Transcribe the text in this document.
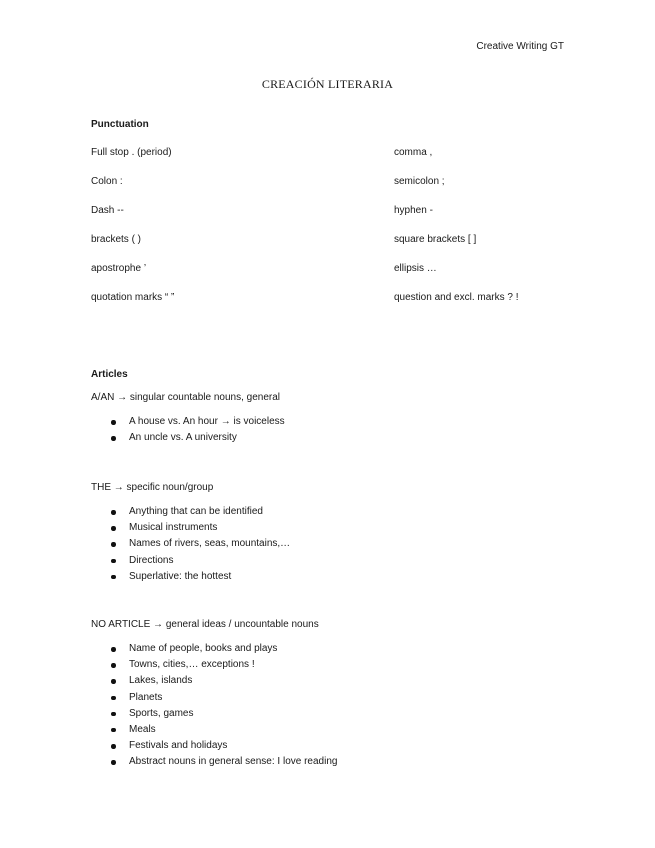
Creative Writing GT
CREACIÓN LITERARIA
Punctuation
Full stop . (period)	comma ,
Colon :	semicolon ;
Dash --	hyphen -
brackets ( )	square brackets [ ]
apostrophe ’	ellipsis …
quotation marks “ ”	question and excl. marks ? !
Articles
A/AN → singular countable nouns, general
A house vs. An hour → is voiceless
An uncle vs. A university
THE → specific noun/group
Anything that can be identified
Musical instruments
Names of rivers, seas, mountains,…
Directions
Superlative: the hottest
NO ARTICLE → general ideas / uncountable nouns
Name of people, books and plays
Towns, cities,… exceptions !
Lakes, islands
Planets
Sports, games
Meals
Festivals and holidays
Abstract nouns in general sense: I love reading
